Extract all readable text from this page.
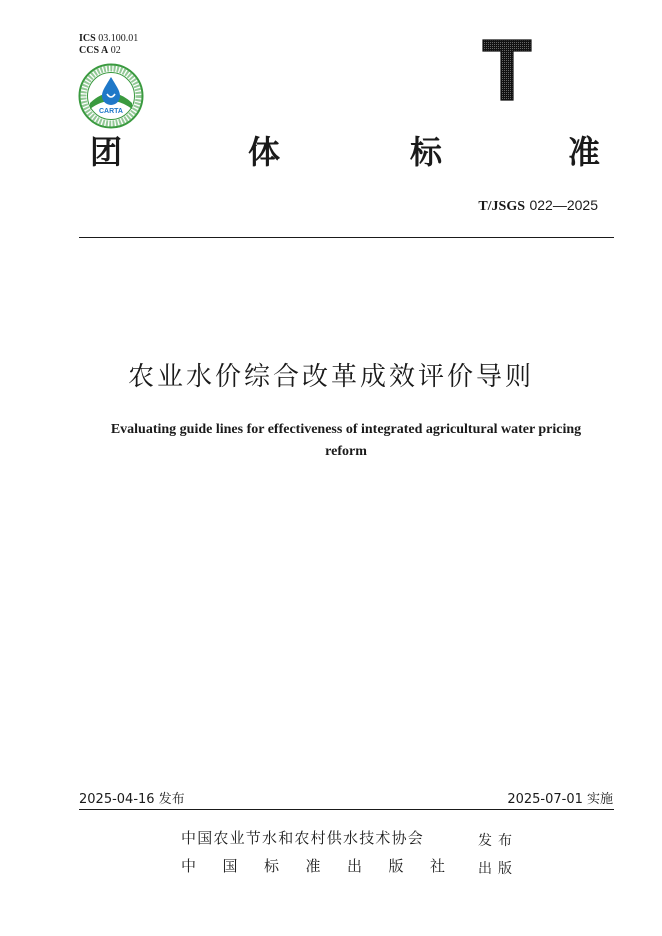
ICS 03.100.01
CCS A 02
CARTA
团	体	标	准
T/JSGS 022—2025
农业水价综合改革成效评价导则
Evaluating guide lines for effectiveness of integrated agricultural water pricing reform
2025-04-16 发布	2025-07-01 实施
中国农业节水和农村供水技术协会	发布
中 国 标 准 出 版 社	出版
